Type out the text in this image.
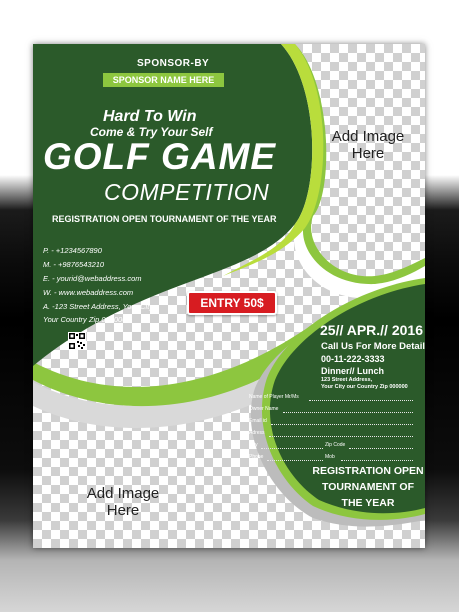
SPONSOR-BY
SPONSOR NAME HERE
Hard To Win
Come & Try Your Self
GOLF GAME
COMPETITION
REGISTRATION OPEN TOURNAMENT OF THE YEAR
P. - +1234567890
M. - +9876543210
E. - yourid@webaddress.com
W. - www.webaddress.com
A. -123 Street Address, Your City
Your Country Zip 000000
ENTRY 50$
Add Image
Here
Add Image
Here
25// APR.// 2016
Call Us For More Detail
00-11-222-3333
Dinner// Lunch
123 Street Address,
Your City our Country Zip 000000
Name of Player Mr/Ms
Owner Name
Email id
Adress
City	Zip Code
Phone	Mob
REGISTRATION OPEN
TOURNAMENT OF
THE YEAR
